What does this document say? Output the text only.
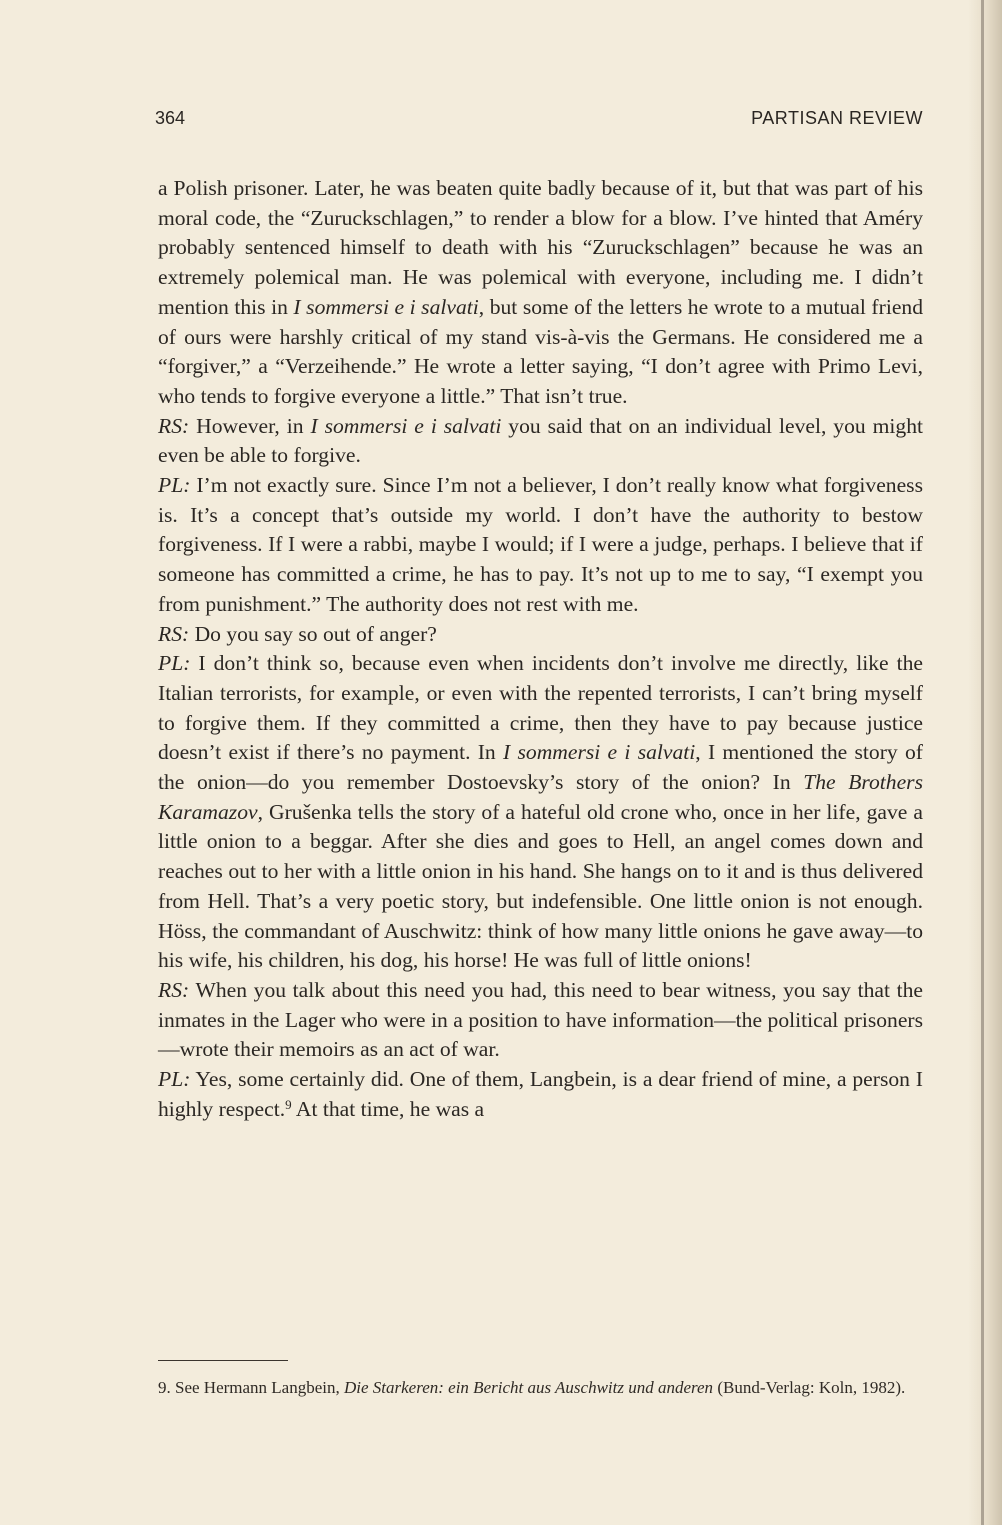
364	PARTISAN REVIEW

a Polish prisoner. Later, he was beaten quite badly because of it, but that was part of his moral code, the “Zuruckschlagen,” to render a blow for a blow. I’ve hinted that Améry probably sentenced himself to death with his “Zuruckschlagen” because he was an extremely polemical man. He was polemical with everyone, including me. I didn’t mention this in I sommersi e i salvati, but some of the letters he wrote to a mutual friend of ours were harshly critical of my stand vis-à-vis the Germans. He considered me a “forgiver,” a “Verzeihende.” He wrote a letter saying, “I don’t agree with Primo Levi, who tends to forgive everyone a little.” That isn’t true.

RS: However, in I sommersi e i salvati you said that on an individual level, you might even be able to forgive.

PL: I’m not exactly sure. Since I’m not a believer, I don’t really know what forgiveness is. It’s a concept that’s outside my world. I don’t have the authority to bestow forgiveness. If I were a rabbi, maybe I would; if I were a judge, perhaps. I believe that if someone has committed a crime, he has to pay. It’s not up to me to say, “I exempt you from punishment.” The authority does not rest with me.

RS: Do you say so out of anger?

PL: I don’t think so, because even when incidents don’t involve me directly, like the Italian terrorists, for example, or even with the repented terrorists, I can’t bring myself to forgive them. If they committed a crime, then they have to pay because justice doesn’t exist if there’s no payment. In I sommersi e i salvati, I mentioned the story of the onion—do you remember Dostoevsky’s story of the onion? In The Brothers Karamazov, Grušenka tells the story of a hateful old crone who, once in her life, gave a little onion to a beggar. After she dies and goes to Hell, an angel comes down and reaches out to her with a little onion in his hand. She hangs on to it and is thus delivered from Hell. That’s a very poetic story, but indefensible. One little onion is not enough. Höss, the commandant of Auschwitz: think of how many little onions he gave away—to his wife, his children, his dog, his horse! He was full of little onions!

RS: When you talk about this need you had, this need to bear witness, you say that the inmates in the Lager who were in a position to have information—the political prisoners—wrote their memoirs as an act of war.

PL: Yes, some certainly did. One of them, Langbein, is a dear friend of mine, a person I highly respect.$^9$ At that time, he was a

9. See Hermann Langbein, Die Starkeren: ein Bericht aus Auschwitz und anderen (Bund-Verlag: Koln, 1982).
